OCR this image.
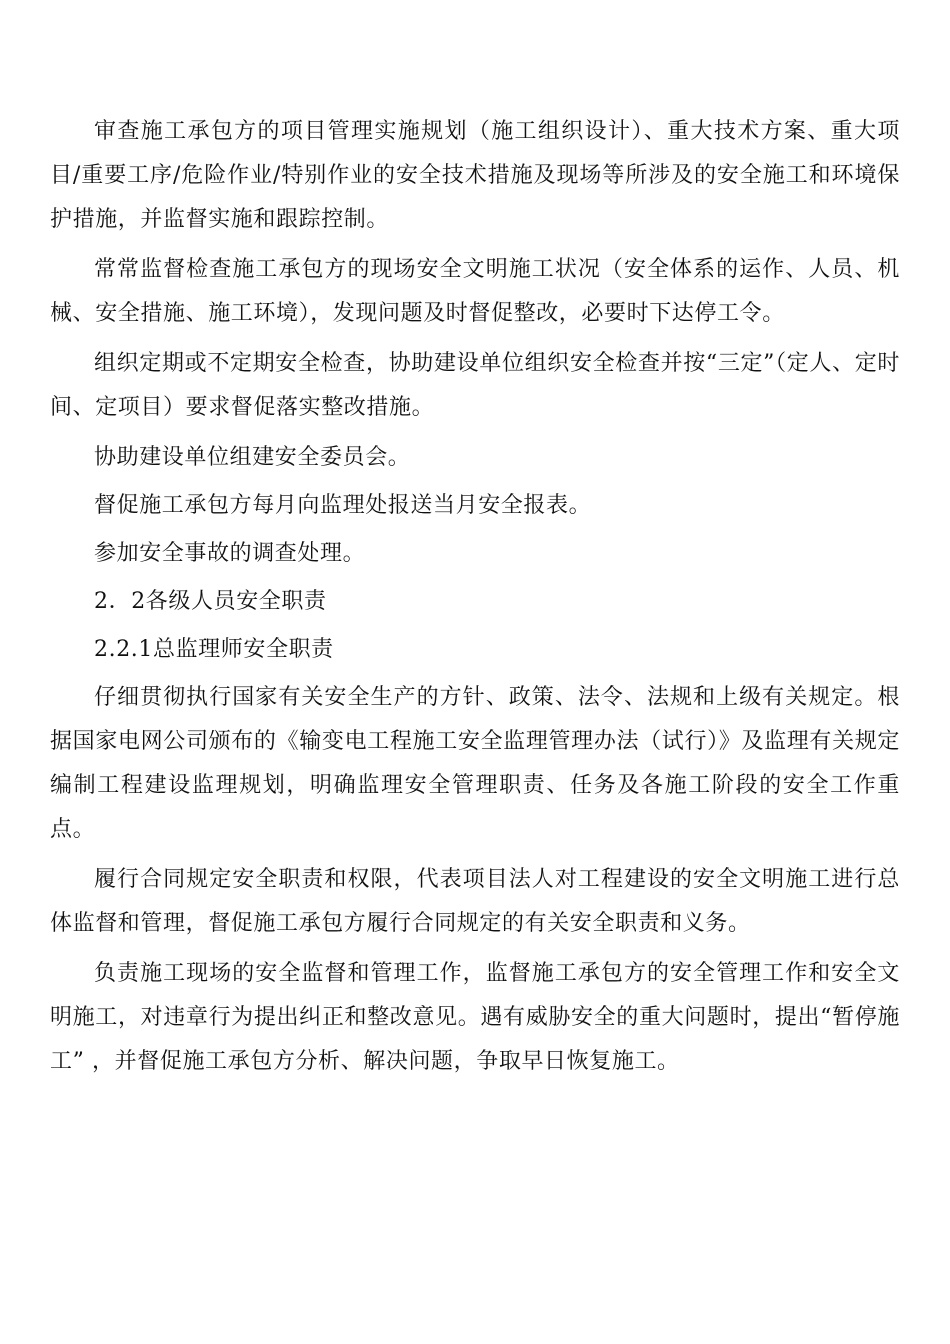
审查施工承包方的项目管理实施规划（施工组织设计）、重大技术方案、重大项目/重要工序/危险作业/特别作业的安全技术措施及现场等所涉及的安全施工和环境保护措施，并监督实施和跟踪控制。

常常监督检查施工承包方的现场安全文明施工状况（安全体系的运作、人员、机械、安全措施、施工环境），发现问题及时督促整改，必要时下达停工令。

组织定期或不定期安全检查，协助建设单位组织安全检查并按“三定”（定人、定时间、定项目）要求督促落实整改措施。

协助建设单位组建安全委员会。

督促施工承包方每月向监理处报送当月安全报表。

参加安全事故的调查处理。

2．2各级人员安全职责

2.2.1总监理师安全职责

仔细贯彻执行国家有关安全生产的方针、政策、法令、法规和上级有关规定。根据国家电网公司颁布的《输变电工程施工安全监理管理办法（试行）》及监理有关规定编制工程建设监理规划，明确监理安全管理职责、任务及各施工阶段的安全工作重点。

履行合同规定安全职责和权限，代表项目法人对工程建设的安全文明施工进行总体监督和管理，督促施工承包方履行合同规定的有关安全职责和义务。

负责施工现场的安全监督和管理工作，监督施工承包方的安全管理工作和安全文明施工，对违章行为提出纠正和整改意见。遇有威胁安全的重大问题时，提出“暂停施工” ，并督促施工承包方分析、解决问题，争取早日恢复施工。
